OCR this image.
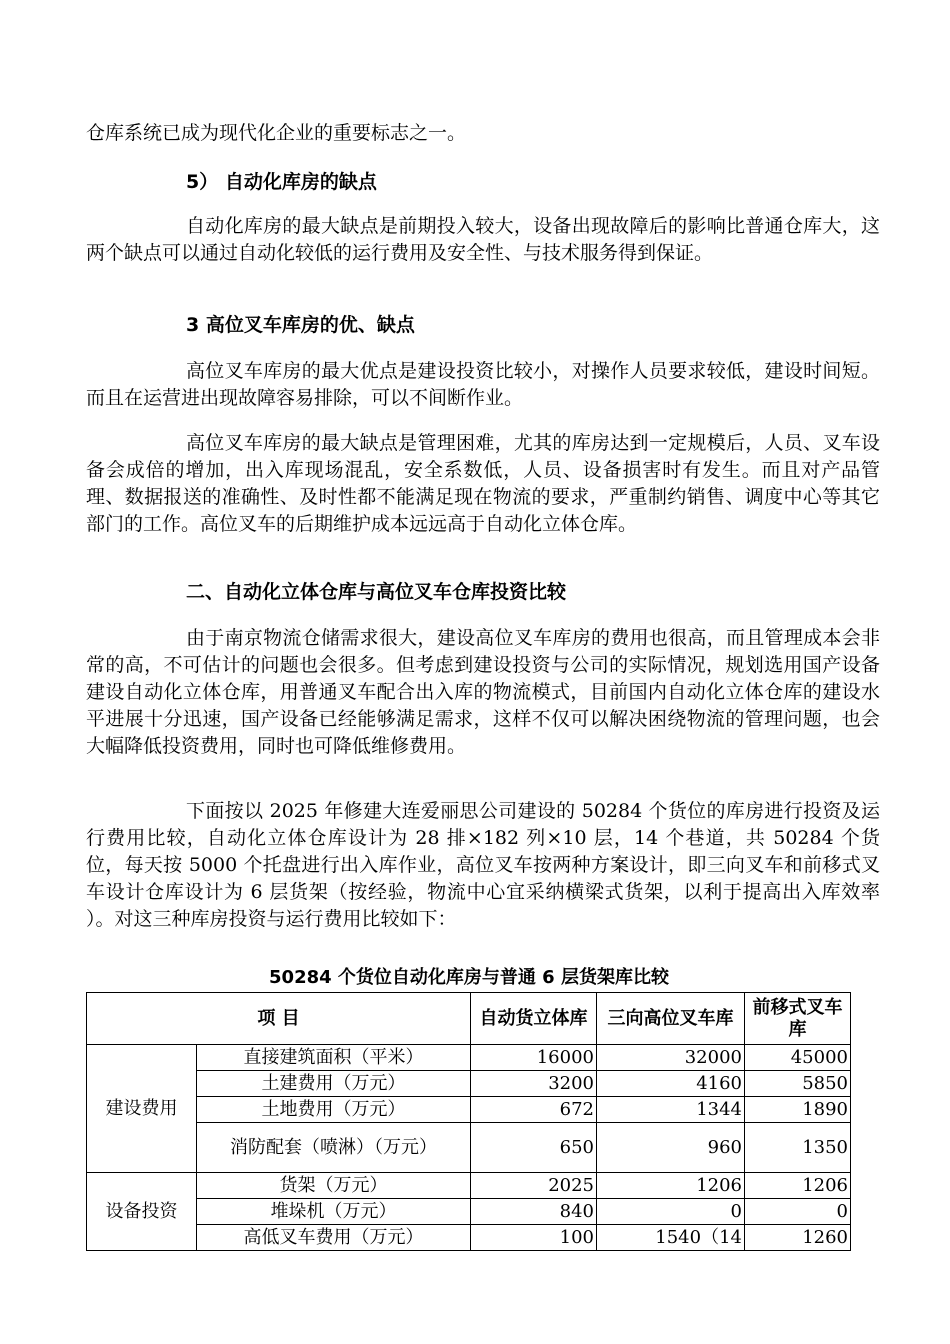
仓库系统已成为现代化企业的重要标志之一。

5） 自动化库房的缺点

自动化库房的最大缺点是前期投入较大，设备出现故障后的影响比普通仓库大，这两个缺点可以通过自动化较低的运行费用及安全性、与技术服务得到保证。

3 高位叉车库房的优、缺点

高位叉车库房的最大优点是建设投资比较小，对操作人员要求较低，建设时间短。而且在运营进出现故障容易排除，可以不间断作业。

高位叉车库房的最大缺点是管理困难，尤其的库房达到一定规模后，人员、叉车设备会成倍的增加，出入库现场混乱，安全系数低，人员、设备损害时有发生。而且对产品管理、数据报送的准确性、及时性都不能满足现在物流的要求，严重制约销售、调度中心等其它部门的工作。高位叉车的后期维护成本远远高于自动化立体仓库。

二、自动化立体仓库与高位叉车仓库投资比较

由于南京物流仓储需求很大，建设高位叉车库房的费用也很高，而且管理成本会非常的高，不可估计的问题也会很多。但考虑到建设投资与公司的实际情况，规划选用国产设备建设自动化立体仓库，用普通叉车配合出入库的物流模式，目前国内自动化立体仓库的建设水平进展十分迅速，国产设备已经能够满足需求，这样不仅可以解决困绕物流的管理问题，也会大幅降低投资费用，同时也可降低维修费用。

下面按以 2025 年修建大连爱丽思公司建设的 50284 个货位的库房进行投资及运行费用比较，自动化立体仓库设计为 28 排×182 列×10 层，14 个巷道，共 50284 个货位，每天按 5000 个托盘进行出入库作业，高位叉车按两种方案设计，即三向叉车和前移式叉车设计仓库设计为 6 层货架（按经验，物流中心宜采纳横梁式货架，以利于提高出入库效率 ）。对这三种库房投资与运行费用比较如下：

50284 个货位自动化库房与普通 6 层货架库比较
项 目		自动货立体库	三向高位叉车库	前移式叉车库
建设费用	直接建筑面积（平米）	16000	32000	45000
	土建费用（万元）	3200	4160	5850
	土地费用（万元）	672	1344	1890
	消防配套（喷淋）（万元）	650	960	1350
设备投资	货架（万元）	2025	1206	1206
	堆垛机（万元）	840	0	0
	高低叉车费用（万元）	100	1540（14	1260
